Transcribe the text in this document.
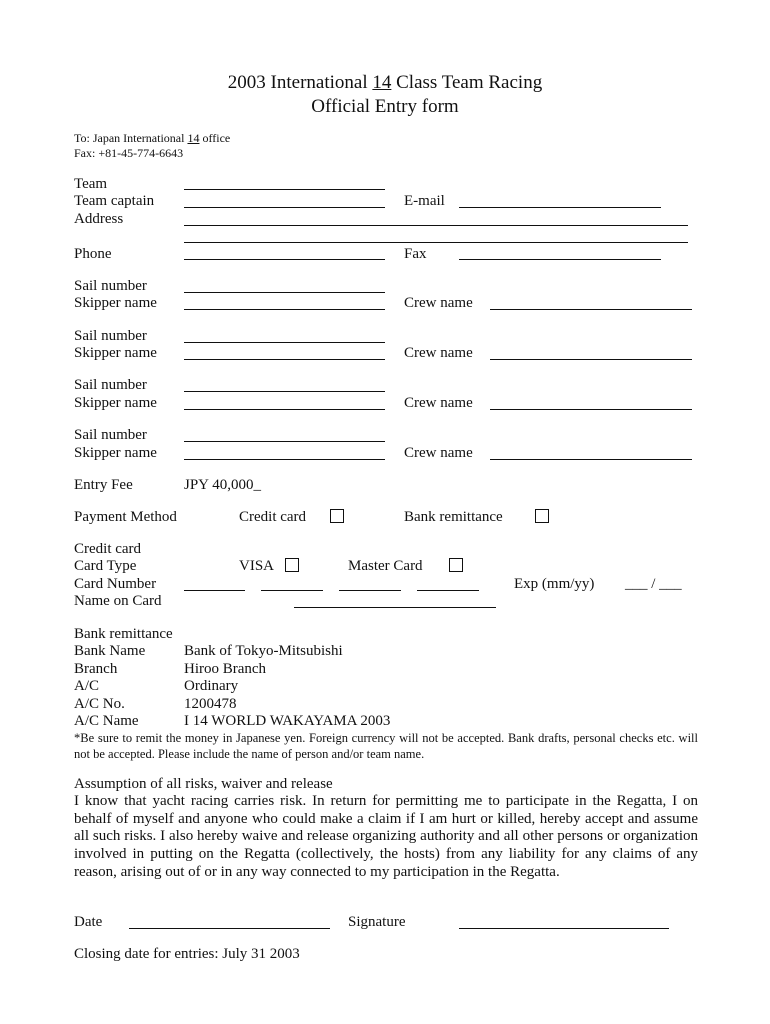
2003 International 14 Class Team Racing
Official Entry form
To: Japan International 14 office
Fax: +81-45-774-6643
Team
Team captain	E-mail
Address
Phone	Fax
Sail number
Skipper name	Crew name
Sail number
Skipper name	Crew name
Sail number
Skipper name	Crew name
Sail number
Skipper name	Crew name
Entry Fee	JPY 40,000_
Payment Method	Credit card	Bank remittance
Credit card
Card Type	VISA	Master Card
Card Number	Exp (mm/yy) ___ / ___
Name on Card
Bank remittance
Bank Name	Bank of Tokyo-Mitsubishi
Branch	Hiroo Branch
A/C	Ordinary
A/C No.	1200478
A/C Name	I 14 WORLD WAKAYAMA 2003
*Be sure to remit the money in Japanese yen. Foreign currency will not be accepted. Bank drafts, personal checks etc. will not be accepted. Please include the name of person and/or team name.
Assumption of all risks, waiver and release
I know that yacht racing carries risk. In return for permitting me to participate in the Regatta, I on behalf of myself and anyone who could make a claim if I am hurt or killed, hereby accept and assume all such risks. I also hereby waive and release organizing authority and all other persons or organization involved in putting on the Regatta (collectively, the hosts) from any liability for any claims of any reason, arising out of or in any way connected to my participation in the Regatta.
Date	Signature
Closing date for entries: July 31 2003
